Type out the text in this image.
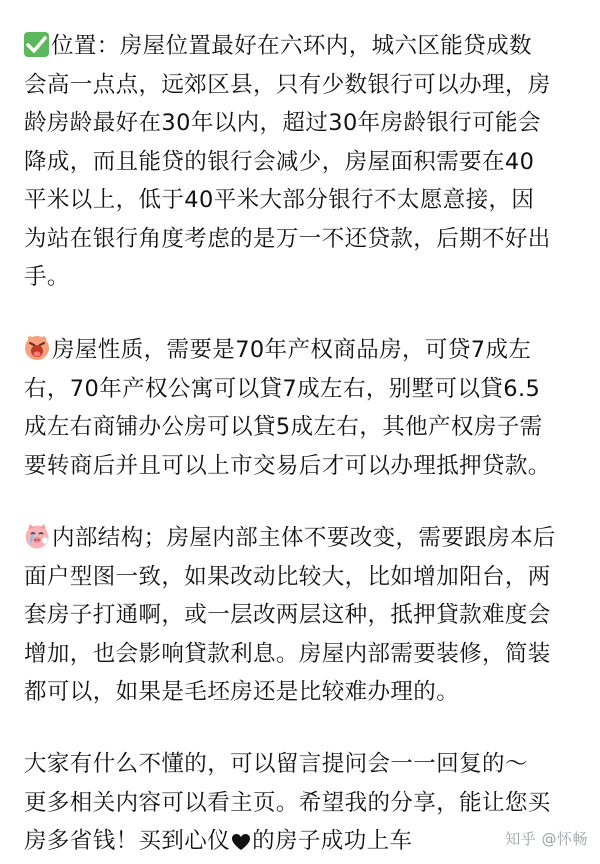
位置：房屋位置最好在六环内，城六区能贷成数
会高一点点，远郊区县，只有少数银行可以办理，房
龄房龄最好在30年以内，超过30年房龄银行可能会
降成，而且能贷的银行会减少，房屋面积需要在40
平米以上，低于40平米大部分银行不太愿意接，因
为站在银行角度考虑的是万一不还贷款，后期不好出
手。
房屋性质，需要是70年产权商品房，可贷7成左
右，70年产权公寓可以貸7成左右，别墅可以貸6.5
成左右商铺办公房可以貸5成左右，其他产权房子需
要转商后并且可以上市交易后才可以办理抵押贷款。
内部结构；房屋内部主体不要改变，需要跟房本后
面户型图一致，如果改动比较大，比如增加阳台，两
套房子打通啊，或一层改两层这种，抵押貸款难度会
增加，也会影响貸款利息。房屋内部需要装修，简装
都可以，如果是毛坯房还是比较难办理的。
大家有什么不懂的，可以留言提问会一一回复的～
更多相关内容可以看主页。希望我的分享，能让您买
房多省钱！买到心仪 的房子成功上车	知乎 @怀畅
